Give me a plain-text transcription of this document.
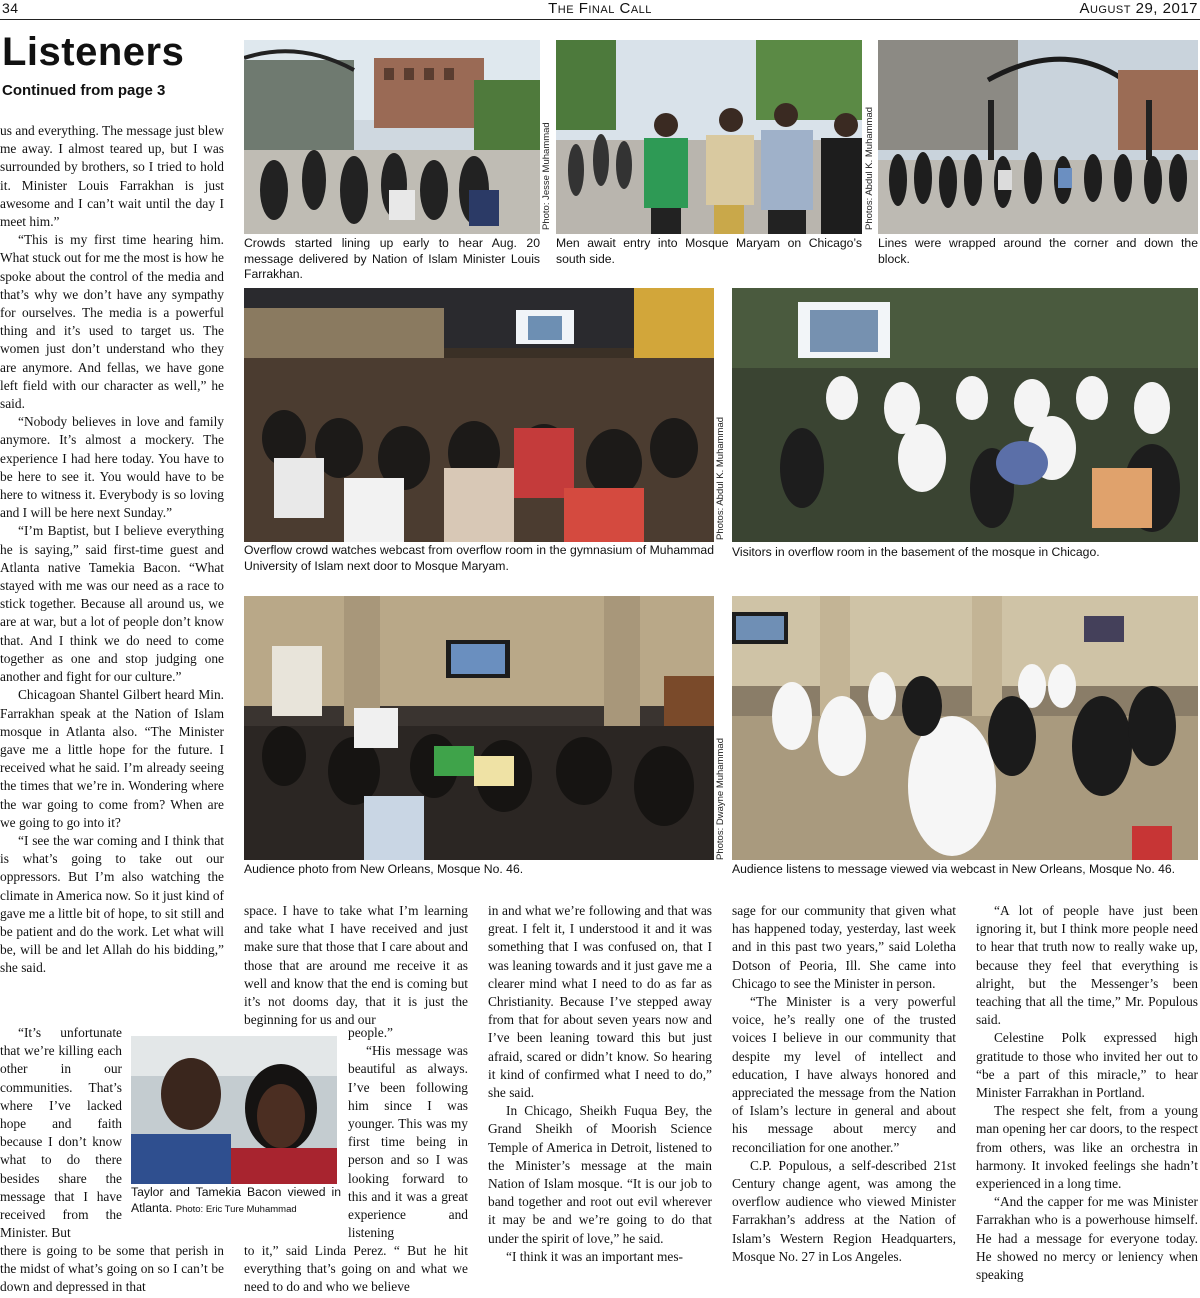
34	The Final Call	August 29, 2017
Listeners
Continued from page 3

us and everything. The message just blew me away. I almost teared up, but I was surrounded by brothers, so I tried to hold it. Minister Louis Farrakhan is just awesome and I can’t wait until the day I meet him.”

“This is my first time hearing him. What stuck out for me the most is how he spoke about the control of the media and that’s why we don’t have any sympathy for ourselves. The media is a powerful thing and it’s used to target us. The women just don’t understand who they are anymore. And fellas, we have gone left field with our character as well,” he said.

“Nobody believes in love and family anymore. It’s almost a mockery. The experience I had here today. You have to be here to see it. You would have to be here to witness it. Everybody is so loving and I will be here next Sunday.”

“I’m Baptist, but I believe everything he is saying,” said first-time guest and Atlanta native Tamekia Bacon. “What stayed with me was our need as a race to stick together. Because all around us, we are at war, but a lot of people don’t know that. And I think we do need to come together as one and stop judging one another and fight for our culture.”

Chicagoan Shantel Gilbert heard Min. Farrakhan speak at the Nation of Islam mosque in Atlanta also. “The Minister gave me a little hope for the future. I received what he said. I’m already seeing the times that we’re in. Wondering where the war going to come from? When are we going to go into it?

“I see the war coming and I think that is what’s going to take out our oppressors. But I’m also watching the climate in America now. So it just kind of gave me a little bit of hope, to sit still and be patient and do the work. Let what will be, will be and let Allah do his bidding,” she said.

“It’s unfortunate that we’re killing each other in our communities. That’s where I’ve lacked hope and faith because I don’t know what to do there besides share the message that I have received from the Minister. But

there is going to be some that perish in the midst of what’s going on so I can’t be down and depressed in that

space. I have to take what I’m learning and take what I have received and just make sure that those that I care about and those that are around me receive it as well and know that the end is coming but it’s not dooms day, that it is just the beginning for us and our

people.”

“His message was beautiful as always. I’ve been following him since I was younger. This was my first time being in person and so I was looking forward to this and it was a great experience and listening

to it,” said Linda Perez. “ But he hit everything that’s going on and what we need to do and who we believe

in and what we’re following and that was great. I felt it, I understood it and it was something that I was confused on, that I was leaning towards and it just gave me a clearer mind what I need to do as far as Christianity. Because I’ve stepped away from that for about seven years now and I’ve been leaning toward this but just afraid, scared or didn’t know. So hearing it kind of confirmed what I need to do,” she said.

In Chicago, Sheikh Fuqua Bey, the Grand Sheikh of Moorish Science Temple of America in Detroit, listened to the Minister’s message at the main Nation of Islam mosque. “It is our job to band together and root out evil wherever it may be and we’re going to do that under the spirit of love,” he said.

“I think it was an important mes-

sage for our community that given what has happened today, yesterday, last week and in this past two years,” said Loletha Dotson of Peoria, Ill. She came into Chicago to see the Minister in person.

“The Minister is a very powerful voice, he’s really one of the trusted voices I believe in our community that despite my level of intellect and education, I have always honored and appreciated the message from the Nation of Islam’s lecture in general and about his message about mercy and reconciliation for one another.”

C.P. Populous, a self-described 21st Century change agent, was among the overflow audience who viewed Minister Farrakhan’s address at the Nation of Islam’s Western Region Headquarters, Mosque No. 27 in Los Angeles.

“A lot of people have just been ignoring it, but I think more people need to hear that truth now to really wake up, because they feel that everything is alright, but the Messenger’s been teaching that all the time,” Mr. Populous said.

Celestine Polk expressed high gratitude to those who invited her out to “be a part of this miracle,” to hear Minister Farrakhan in Portland.

The respect she felt, from a young man opening her car doors, to the respect from others, was like an orchestra in harmony. It invoked feelings she hadn’t experienced in a long time.

“And the capper for me was Minister Farrakhan who is a powerhouse himself. He had a message for everyone today. He showed no mercy or leniency when speaking

Photo: Jesse Muhammad
Crowds started lining up early to hear Aug. 20 message delivered by Nation of Islam Minister Louis Farrakhan.
Men await entry into Mosque Maryam on Chicago’s south side.
Photos: Abdul K. Muhammad
Lines were wrapped around the corner and down the block.
Photos: Abdul K. Muhammad
Overflow crowd watches webcast from overflow room in the gymnasium of Muhammad University of Islam next door to Mosque Maryam.
Visitors in overflow room in the basement of the mosque in Chicago.
Photos: Dwayne Muhammad
Audience photo from New Orleans, Mosque No. 46.	Audience listens to message viewed via webcast in New Orleans, Mosque No. 46.
Taylor and Tamekia Bacon viewed in Atlanta. Photo: Eric Ture Muhammad
